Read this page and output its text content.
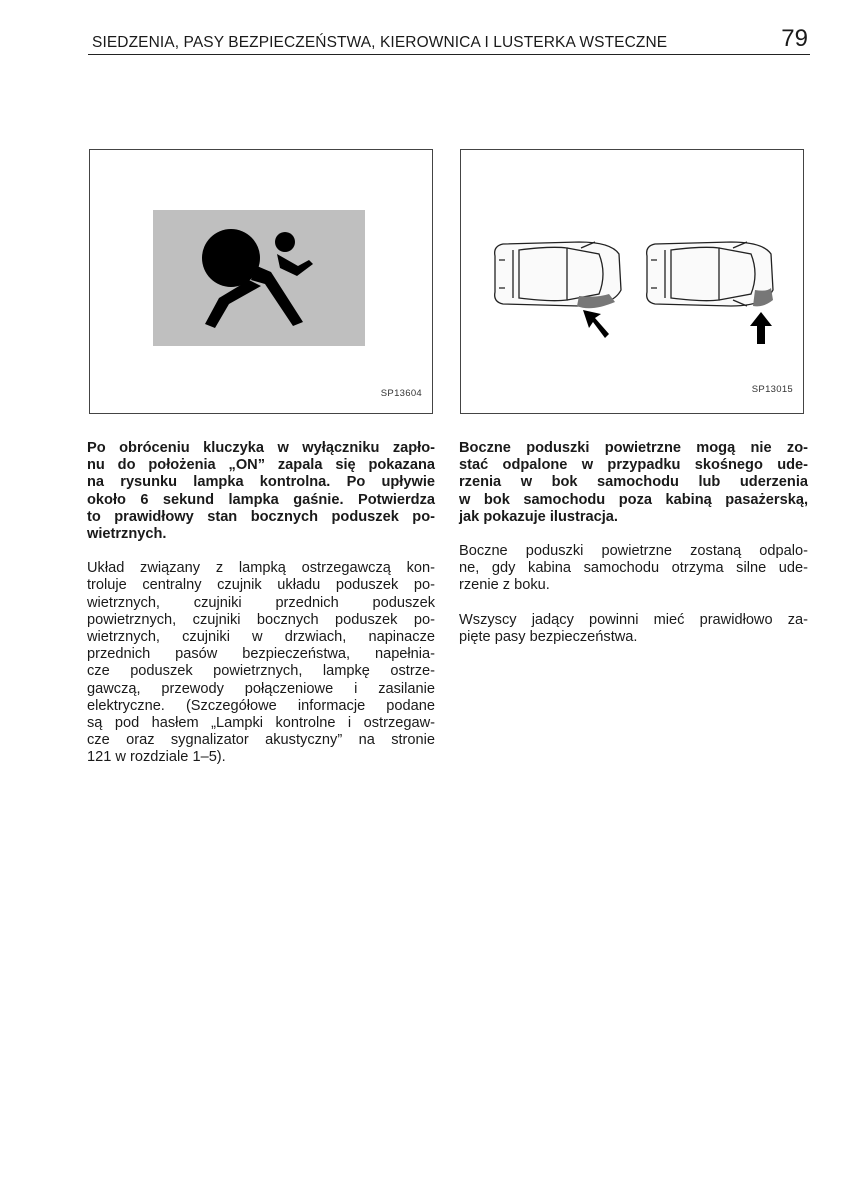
SIEDZENIA, PASY BEZPIECZEŃSTWA, KIEROWNICA I LUSTERKA WSTECZNE	79
SP13604	SP13015
Po obróceniu kluczyka w wyłączniku zapło-
nu do położenia „ON” zapala się pokazana
na rysunku lampka kontrolna. Po upływie
około 6 sekund lampka gaśnie. Potwierdza
to prawidłowy stan bocznych poduszek po-
wietrznych.
Układ związany z lampką ostrzegawczą kon-
troluje centralny czujnik układu poduszek po-
wietrznych, czujniki przednich poduszek
powietrznych, czujniki bocznych poduszek po-
wietrznych, czujniki w drzwiach, napinacze
przednich pasów bezpieczeństwa, napełnia-
cze poduszek powietrznych, lampkę ostrze-
gawczą, przewody połączeniowe i zasilanie
elektryczne. (Szczegółowe informacje podane
są pod hasłem „Lampki kontrolne i ostrzegaw-
cze oraz sygnalizator akustyczny” na stronie
121 w rozdziale 1–5).
Boczne poduszki powietrzne mogą nie zo-
stać odpalone w przypadku skośnego ude-
rzenia w bok samochodu lub uderzenia
w bok samochodu poza kabiną pasażerską,
jak pokazuje ilustracja.
Boczne poduszki powietrzne zostaną odpalo-
ne, gdy kabina samochodu otrzyma silne ude-
rzenie z boku.
Wszyscy jadący powinni mieć prawidłowo za-
pięte pasy bezpieczeństwa.
